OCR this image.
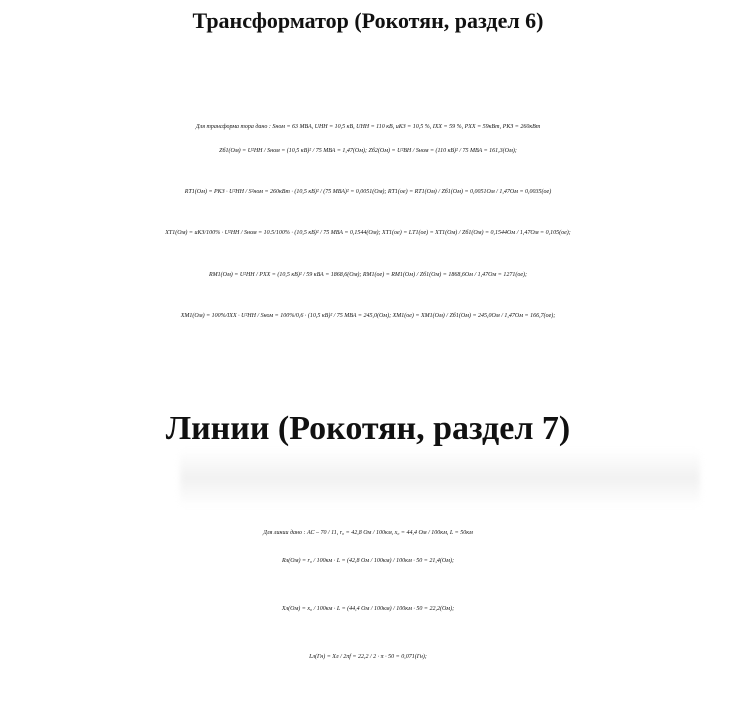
Трансформатор (Рокотян, раздел 6)
Для трансформа тора дано : Sном = 63 МВА, UНН = 10,5 кВ, UНН = 110 кВ, uКЗ = 10,5 %, IХХ = 59 %, PХХ = 59кВт, PКЗ = 260кВт
Zб1(Ом) = U²НН / Sном = (10,5 кВ)² / 75 МВА = 1,47(Ом); Zб2(Ом) = U²ВН / Sном = (110 кВ)² / 75 МВА = 161,3(Ом);
RТ1(Ом) = PКЗ · U²НН / S²ном = 260кВт · (10,5 кВ)² / (75 МВА)² = 0,0051(Ом); RТ1(ое) = RТ1(Ом) / Zб1(Ом) = 0,0051Ом / 1,47Ом = 0,0035(ое)
XТ1(Ом) = uКЗ/100% · U²НН / Sном = 10.5/100% · (10,5 кВ)² / 75 МВА = 0,1544(Ом); XТ1(ое) = LТ1(ое) = XТ1(Ом) / Zб1(Ом) = 0,1544Ом / 1,47Ом = 0,105(ое);
RМ1(Ом) = U²НН / PХХ = (10,5 кВ)² / 59 кВА = 1868,6(Ом); RМ1(ое) = RМ1(Ом) / Zб1(Ом) = 1868,6Ом / 1,47Ом = 1271(ое);
XМ1(Ом) = 100%/IХХ · U²НН / Sном = 100%/0,6 · (10,5 кВ)² / 75 МВА = 245,0(Ом); XМ1(ое) = XМ1(Ом) / Zб1(Ом) = 245,0Ом / 1,47Ом = 166,7(ое);
Линии (Рокотян, раздел 7)
Для линии дано : АС – 70 / 11, r₀ = 42,8 Ом / 100км, x₀ = 44,4 Ом / 100км, L = 50км
Rл(Ом) = r₀ / 100км · L = (42,8 Ом / 100км) / 100км · 50 = 21,4(Ом);
Xл(Ом) = x₀ / 100км · L = (44,4 Ом / 100км) / 100км · 50 = 22,2(Ом);
Lл(Гн) = Xл / 2πf = 22,2 / 2 · π · 50 = 0,071(Гн);
